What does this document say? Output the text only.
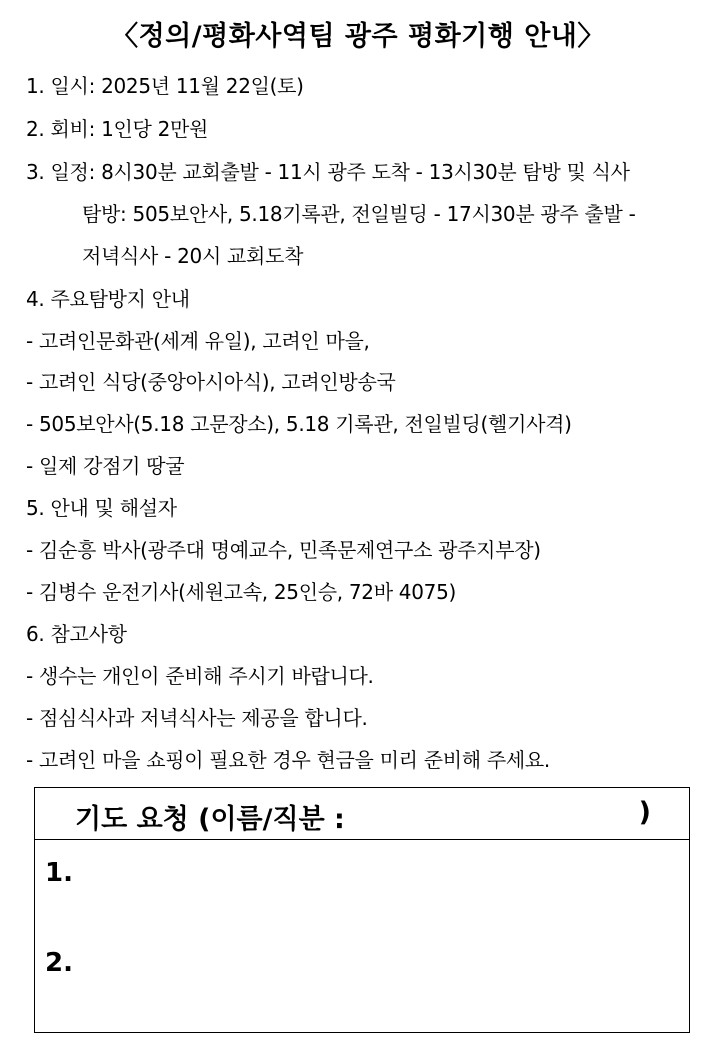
〈정의/평화사역팀 광주 평화기행 안내〉
1. 일시: 2025년 11월 22일(토)
2. 회비: 1인당 2만원
3. 일정: 8시30분 교회출발 - 11시 광주 도착 - 13시30분 탐방 및 식사
탐방: 505보안사, 5.18기록관, 전일빌딩 - 17시30분 광주 출발 -
저녁식사 - 20시 교회도착
4. 주요탐방지 안내
- 고려인문화관(세계 유일), 고려인 마을,
- 고려인 식당(중앙아시아식), 고려인방송국
- 505보안사(5.18 고문장소), 5.18 기록관, 전일빌딩(헬기사격)
- 일제 강점기 땅굴
5. 안내 및 해설자
- 김순흥 박사(광주대 명예교수, 민족문제연구소 광주지부장)
- 김병수 운전기사(세원고속, 25인승, 72바 4075)
6. 참고사항
- 생수는 개인이 준비해 주시기 바랍니다.
- 점심식사과 저녁식사는 제공을 합니다.
- 고려인 마을 쇼핑이 필요한 경우 현금을 미리 준비해 주세요.
기도 요청 (이름/직분 :	)
1.
2.
